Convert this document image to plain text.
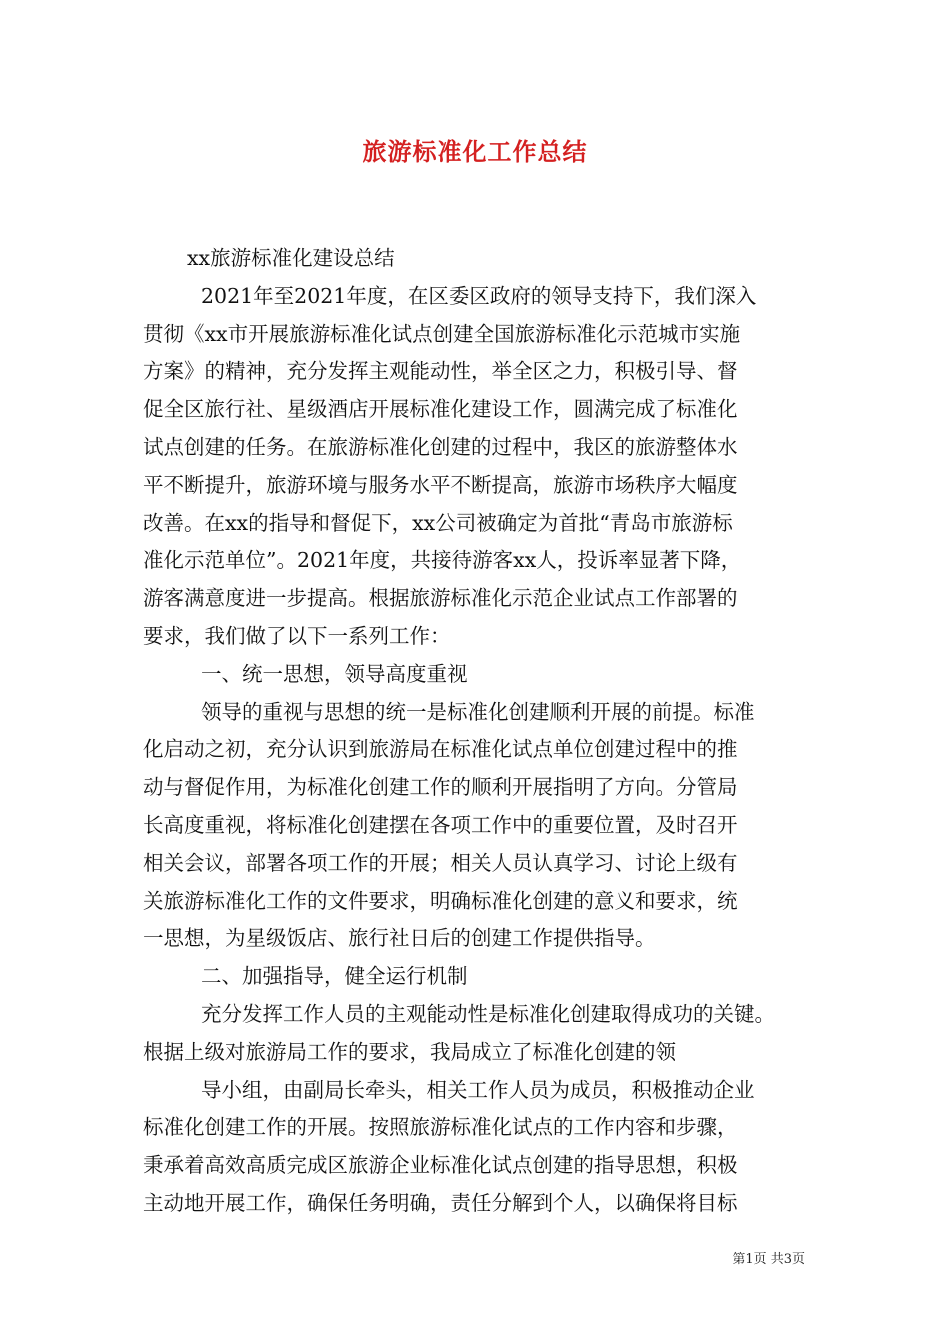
旅游标准化工作总结
xx旅游标准化建设总结
2021年至2021年度，在区委区政府的领导支持下，我们深入
贯彻《xx市开展旅游标准化试点创建全国旅游标准化示范城市实施
方案》的精神，充分发挥主观能动性，举全区之力，积极引导、督
促全区旅行社、星级酒店开展标准化建设工作，圆满完成了标准化
试点创建的任务。在旅游标准化创建的过程中，我区的旅游整体水
平不断提升，旅游环境与服务水平不断提高，旅游市场秩序大幅度
改善。在xx的指导和督促下，xx公司被确定为首批“青岛市旅游标
准化示范单位”。2021年度，共接待游客xx人，投诉率显著下降，
游客满意度进一步提高。根据旅游标准化示范企业试点工作部署的
要求，我们做了以下一系列工作：
一、统一思想，领导高度重视
领导的重视与思想的统一是标准化创建顺利开展的前提。标准
化启动之初，充分认识到旅游局在标准化试点单位创建过程中的推
动与督促作用，为标准化创建工作的顺利开展指明了方向。分管局
长高度重视，将标准化创建摆在各项工作中的重要位置，及时召开
相关会议，部署各项工作的开展；相关人员认真学习、讨论上级有
关旅游标准化工作的文件要求，明确标准化创建的意义和要求，统
一思想，为星级饭店、旅行社日后的创建工作提供指导。
二、加强指导，健全运行机制
充分发挥工作人员的主观能动性是标准化创建取得成功的关键。
根据上级对旅游局工作的要求，我局成立了标准化创建的领
导小组，由副局长牵头，相关工作人员为成员，积极推动企业
标准化创建工作的开展。按照旅游标准化试点的工作内容和步骤，
秉承着高效高质完成区旅游企业标准化试点创建的指导思想，积极
主动地开展工作，确保任务明确，责任分解到个人，以确保将目标
第1页 共3页
